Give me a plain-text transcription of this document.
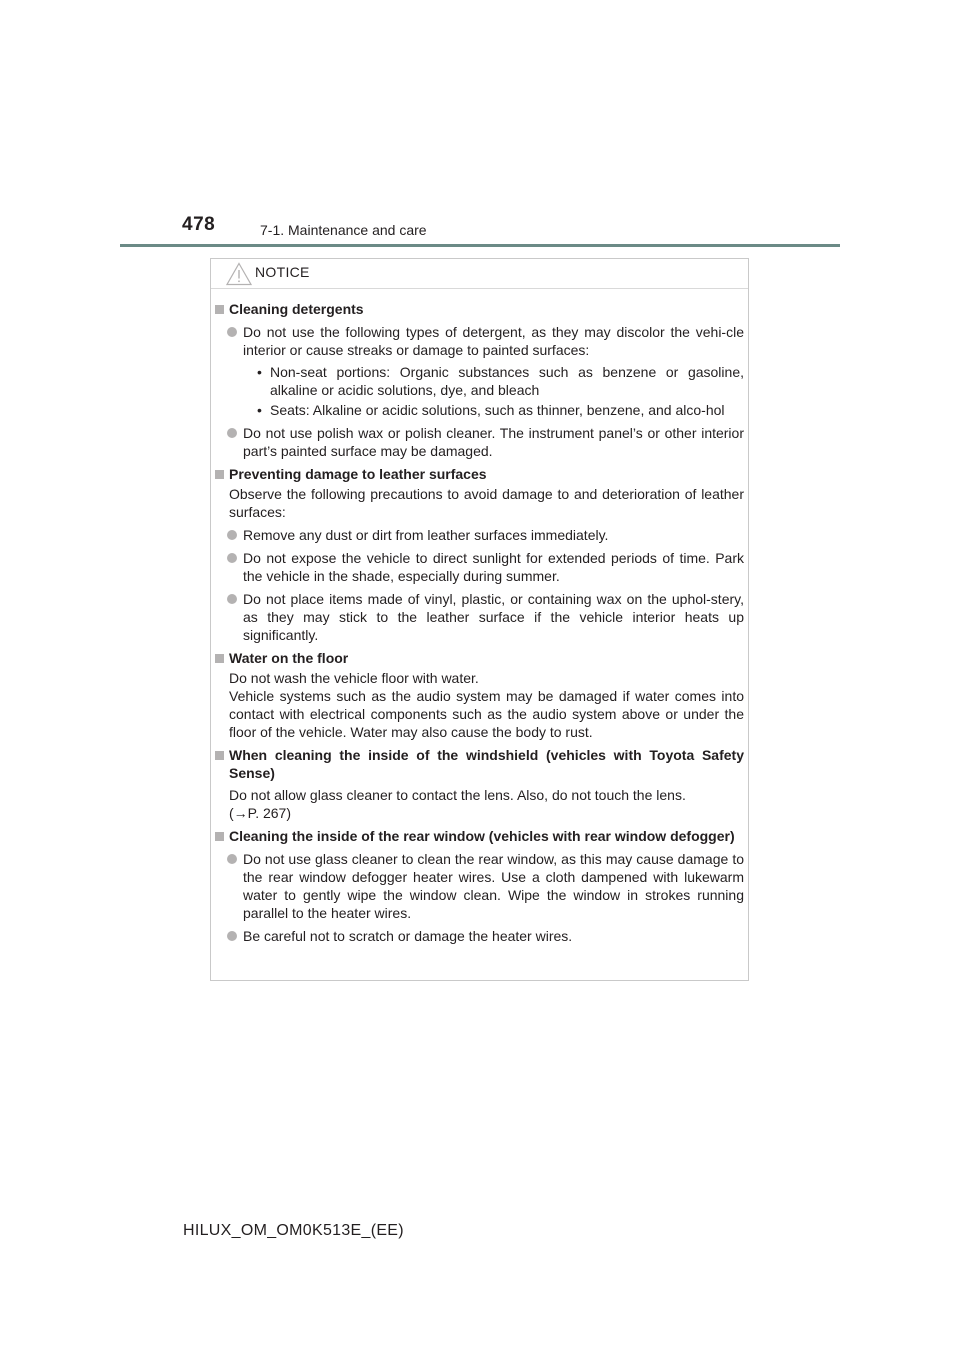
478	7-1. Maintenance and care
NOTICE
Cleaning detergents
Do not use the following types of detergent, as they may discolor the vehi-cle interior or cause streaks or damage to painted surfaces:
• Non-seat portions: Organic substances such as benzene or gasoline, alkaline or acidic solutions, dye, and bleach
• Seats: Alkaline or acidic solutions, such as thinner, benzene, and alco-hol
Do not use polish wax or polish cleaner. The instrument panel’s or other interior part’s painted surface may be damaged.
Preventing damage to leather surfaces
Observe the following precautions to avoid damage to and deterioration of leather surfaces:
Remove any dust or dirt from leather surfaces immediately.
Do not expose the vehicle to direct sunlight for extended periods of time. Park the vehicle in the shade, especially during summer.
Do not place items made of vinyl, plastic, or containing wax on the uphol-stery, as they may stick to the leather surface if the vehicle interior heats up significantly.
Water on the floor
Do not wash the vehicle floor with water.
Vehicle systems such as the audio system may be damaged if water comes into contact with electrical components such as the audio system above or under the floor of the vehicle. Water may also cause the body to rust.
When cleaning the inside of the windshield (vehicles with Toyota Safety Sense)
Do not allow glass cleaner to contact the lens. Also, do not touch the lens.
(→P. 267)
Cleaning the inside of the rear window (vehicles with rear window defogger)
Do not use glass cleaner to clean the rear window, as this may cause damage to the rear window defogger heater wires. Use a cloth dampened with lukewarm water to gently wipe the window clean. Wipe the window in strokes running parallel to the heater wires.
Be careful not to scratch or damage the heater wires.
HILUX_OM_OM0K513E_(EE)
